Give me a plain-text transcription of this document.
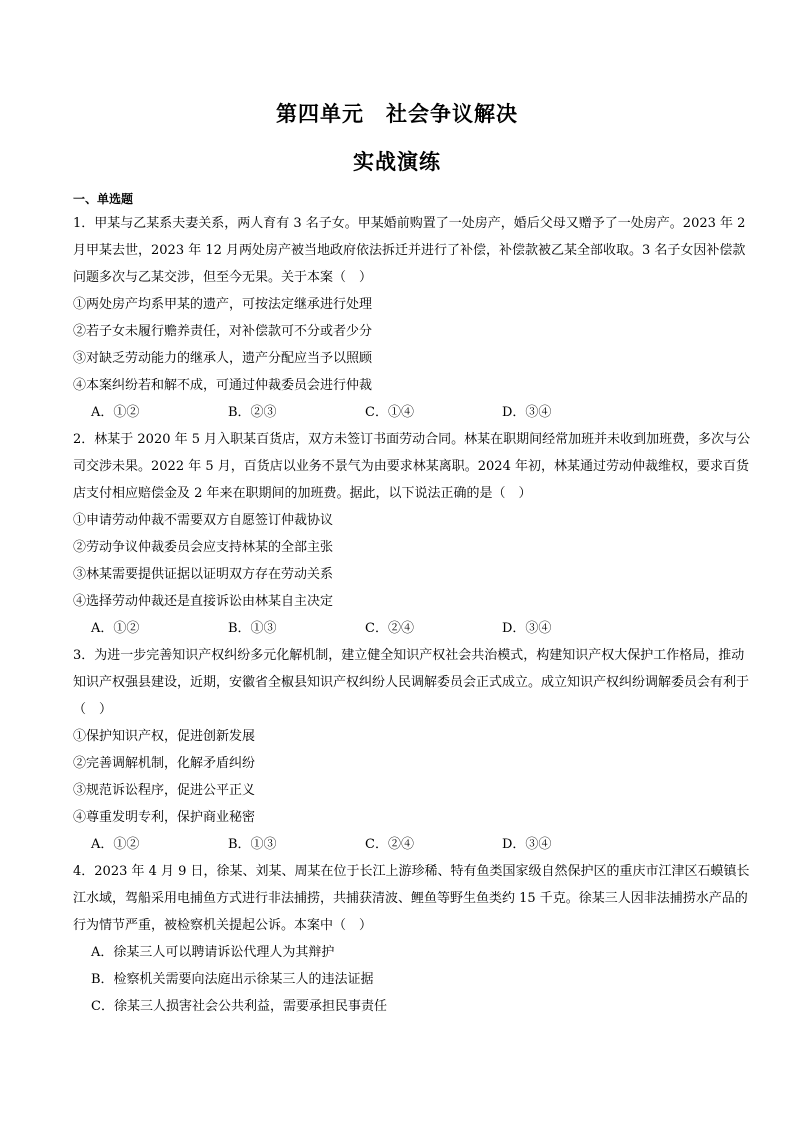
第四单元　社会争议解决
实战演练
一、单选题
1．甲某与乙某系夫妻关系，两人育有 3 名子女。甲某婚前购置了一处房产，婚后父母又赠予了一处房产。2023 年 2 月甲某去世，2023 年 12 月两处房产被当地政府依法拆迁并进行了补偿，补偿款被乙某全部收取。3 名子女因补偿款问题多次与乙某交涉，但至今无果。关于本案（　）
①两处房产均系甲某的遗产，可按法定继承进行处理
②若子女未履行赡养责任，对补偿款可不分或者少分
③对缺乏劳动能力的继承人，遗产分配应当予以照顾
④本案纠纷若和解不成，可通过仲裁委员会进行仲裁
A．①②	B．②③	C．①④	D．③④
2．林某于 2020 年 5 月入职某百货店，双方未签订书面劳动合同。林某在职期间经常加班并未收到加班费，多次与公司交涉未果。2022 年 5 月，百货店以业务不景气为由要求林某离职。2024 年初，林某通过劳动仲裁维权，要求百货店支付相应赔偿金及 2 年来在职期间的加班费。据此，以下说法正确的是（　）
①申请劳动仲裁不需要双方自愿签订仲裁协议
②劳动争议仲裁委员会应支持林某的全部主张
③林某需要提供证据以证明双方存在劳动关系
④选择劳动仲裁还是直接诉讼由林某自主决定
A．①②	B．①③	C．②④	D．③④
3．为进一步完善知识产权纠纷多元化解机制，建立健全知识产权社会共治模式，构建知识产权大保护工作格局，推动知识产权强县建设，近期，安徽省全椒县知识产权纠纷人民调解委员会正式成立。成立知识产权纠纷调解委员会有利于（　）
①保护知识产权，促进创新发展
②完善调解机制，化解矛盾纠纷
③规范诉讼程序，促进公平正义
④尊重发明专利，保护商业秘密
A．①②	B．①③	C．②④	D．③④
4．2023 年 4 月 9 日，徐某、刘某、周某在位于长江上游珍稀、特有鱼类国家级自然保护区的重庆市江津区石蟆镇长江水域，驾船采用电捕鱼方式进行非法捕捞，共捕获清波、鲤鱼等野生鱼类约 15 千克。徐某三人因非法捕捞水产品的行为情节严重，被检察机关提起公诉。本案中（　）
A．徐某三人可以聘请诉讼代理人为其辩护
B．检察机关需要向法庭出示徐某三人的违法证据
C．徐某三人损害社会公共利益，需要承担民事责任
